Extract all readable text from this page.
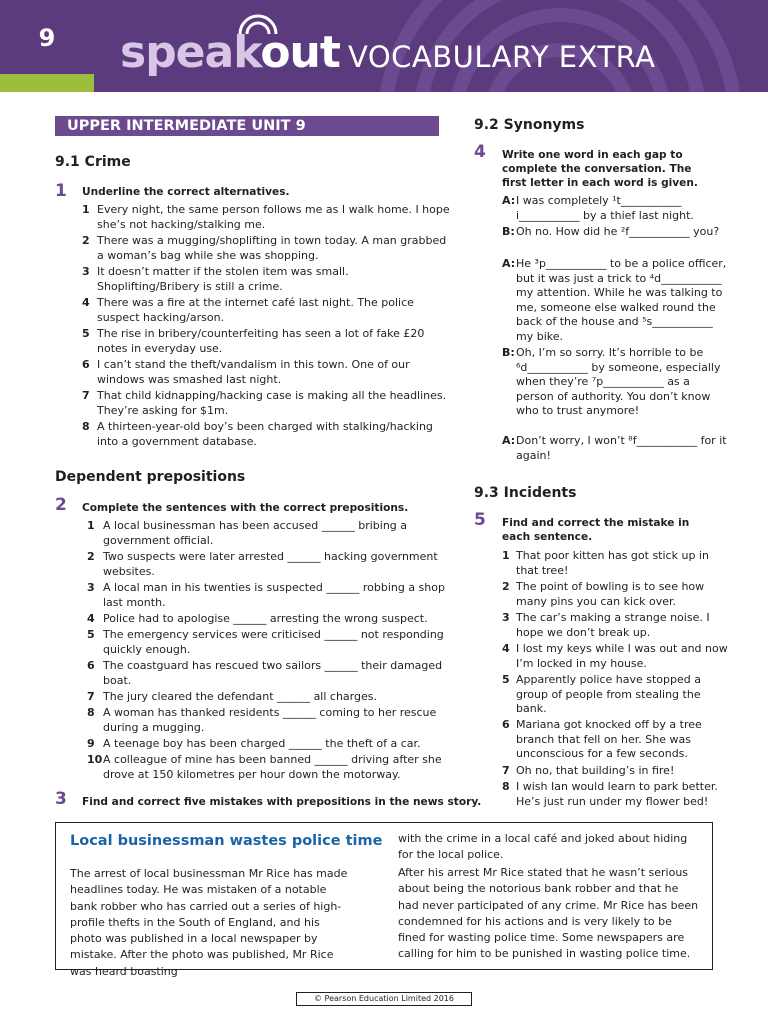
9	speakout VOCABULARY EXTRA
UPPER INTERMEDIATE UNIT 9
9.1 Crime
1 Underline the correct alternatives.
1 Every night, the same person follows me as I walk home. I hope she’s not hacking/stalking me.
2 There was a mugging/shoplifting in town today. A man grabbed a woman’s bag while she was shopping.
3 It doesn’t matter if the stolen item was small. Shoplifting/Bribery is still a crime.
4 There was a fire at the internet café last night. The police suspect hacking/arson.
5 The rise in bribery/counterfeiting has seen a lot of fake £20 notes in everyday use.
6 I can’t stand the theft/vandalism in this town. One of our windows was smashed last night.
7 That child kidnapping/hacking case is making all the headlines. They’re asking for $1m.
8 A thirteen-year-old boy’s been charged with stalking/hacking into a government database.
Dependent prepositions
2 Complete the sentences with the correct prepositions.
1 A local businessman has been accused ______ bribing a government official.
2 Two suspects were later arrested ______ hacking government websites.
3 A local man in his twenties is suspected ______ robbing a shop last month.
4 Police had to apologise ______ arresting the wrong suspect.
5 The emergency services were criticised ______ not responding quickly enough.
6 The coastguard has rescued two sailors ______ their damaged boat.
7 The jury cleared the defendant ______ all charges.
8 A woman has thanked residents ______ coming to her rescue during a mugging.
9 A teenage boy has been charged ______ the theft of a car.
10 A colleague of mine has been banned ______ driving after she drove at 150 kilometres per hour down the motorway.
3 Find and correct five mistakes with prepositions in the news story.
9.2 Synonyms
4 Write one word in each gap to complete the conversation. The first letter in each word is given.
A: I was completely ¹t___________ i___________ by a thief last night.
B: Oh no. How did he ²f___________ you?
A: He ³p___________ to be a police officer, but it was just a trick to ⁴d___________ my attention. While he was talking to me, someone else walked round the back of the house and ⁵s___________ my bike.
B: Oh, I’m so sorry. It’s horrible to be ⁶d___________ by someone, especially when they’re ⁷p___________ as a person of authority. You don’t know who to trust anymore!
A: Don’t worry, I won’t ⁸f___________ for it again!
9.3 Incidents
5 Find and correct the mistake in each sentence.
1 That poor kitten has got stick up in that tree!
2 The point of bowling is to see how many pins you can kick over.
3 The car’s making a strange noise. I hope we don’t break up.
4 I lost my keys while I was out and now I’m locked in my house.
5 Apparently police have stopped a group of people from stealing the bank.
6 Mariana got knocked off by a tree branch that fell on her. She was unconscious for a few seconds.
7 Oh no, that building’s in fire!
8 I wish Ian would learn to park better. He’s just run under my flower bed!
Local businessman wastes police time
The arrest of local businessman Mr Rice has made headlines today. He was mistaken of a notable bank robber who has carried out a series of high-profile thefts in the South of England, and his photo was published in a local newspaper by mistake. After the photo was published, Mr Rice was heard boasting
with the crime in a local café and joked about hiding for the local police.
After his arrest Mr Rice stated that he wasn’t serious about being the notorious bank robber and that he had never participated of any crime. Mr Rice has been condemned for his actions and is very likely to be fined for wasting police time. Some newspapers are calling for him to be punished in wasting police time.
© Pearson Education Limited 2016
